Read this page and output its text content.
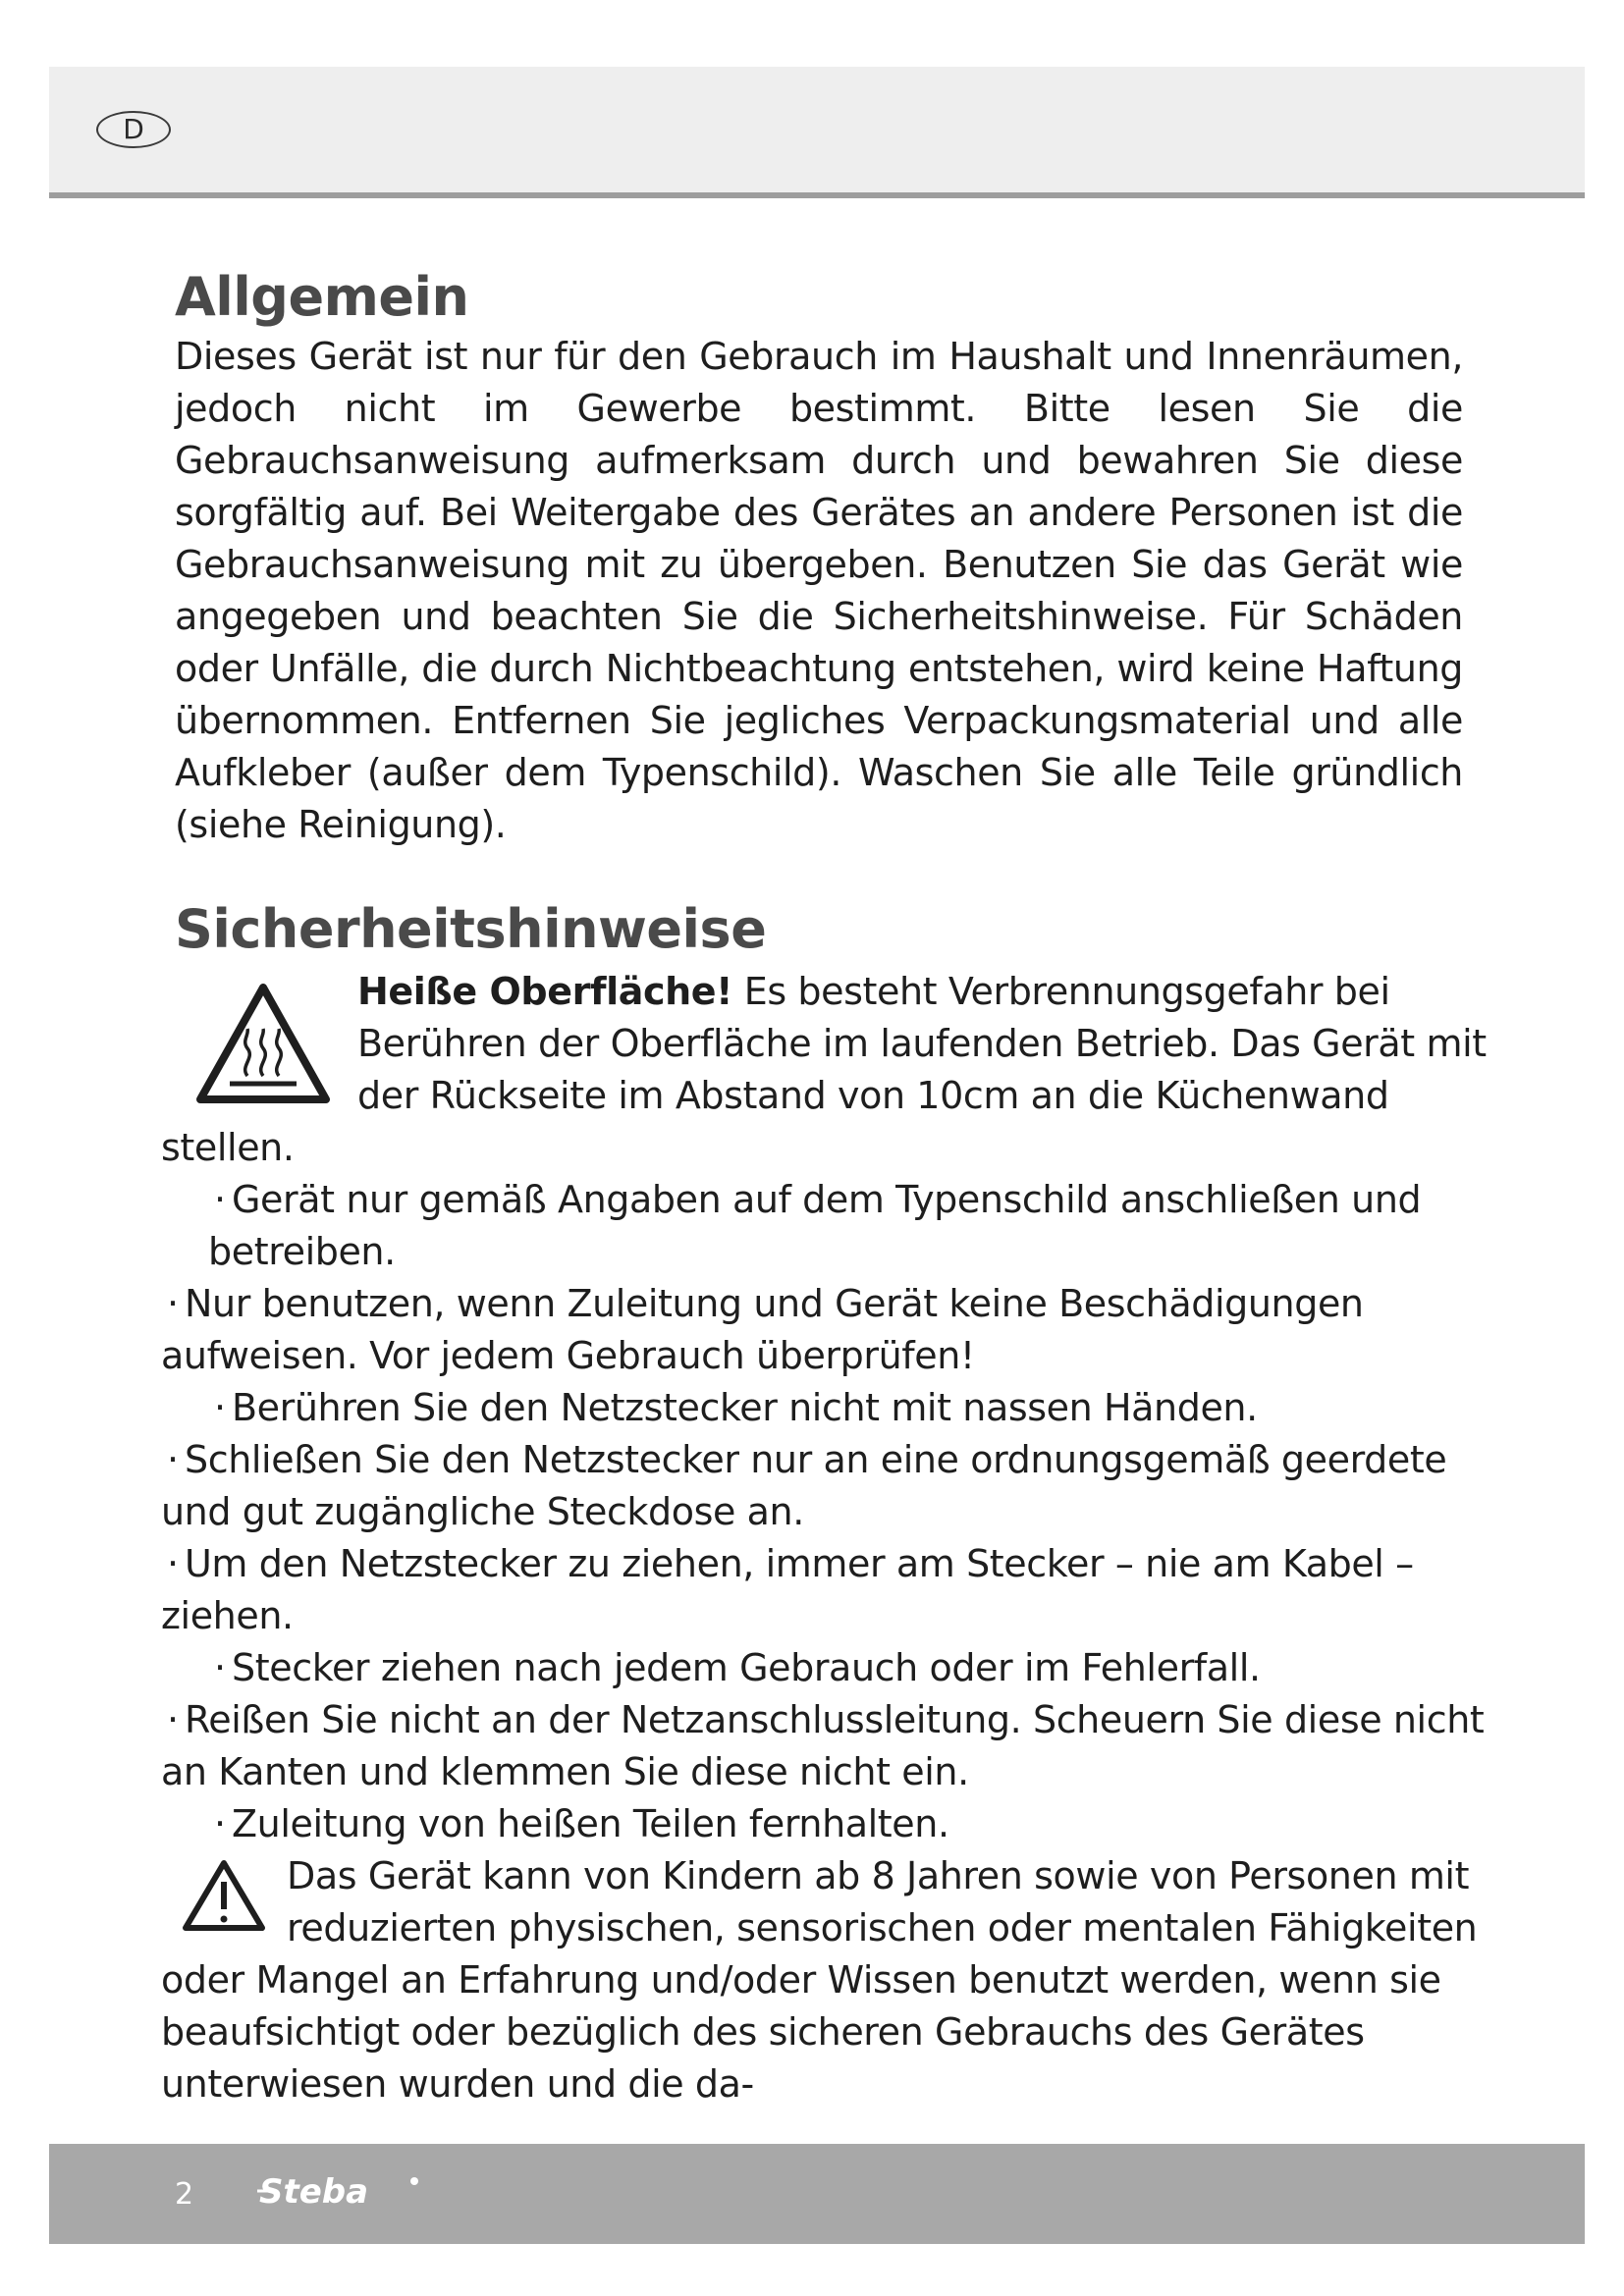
D
Allgemein

Dieses Gerät ist nur für den Gebrauch im Haushalt und Innenräumen, jedoch nicht im Gewerbe bestimmt. Bitte lesen Sie die Gebrauchsanweisung aufmerksam durch und bewahren Sie diese sorgfältig auf. Bei Weitergabe des Gerätes an andere Personen ist die Gebrauchsanweisung mit zu übergeben. Benutzen Sie das Gerät wie angegeben und beachten Sie die Sicherheitshinweise. Für Schäden oder Unfälle, die durch Nichtbeachtung entstehen, wird keine Haftung übernommen. Entfernen Sie jegliches Verpackungsmaterial und alle Aufkleber (außer dem Typenschild). Waschen Sie alle Teile gründlich (siehe Reinigung).

Sicherheitshinweise
Heiße Oberfläche! Es besteht Verbrennungsgefahr bei Berühren der Oberfläche im laufenden Betrieb. Das Gerät mit der Rückseite im Abstand von 10cm an die Küchenwand stellen.
· Gerät nur gemäß Angaben auf dem Typenschild anschließen und betreiben.
· Nur benutzen, wenn Zuleitung und Gerät keine Beschädigungen aufweisen. Vor jedem Gebrauch überprüfen!
· Berühren Sie den Netzstecker nicht mit nassen Händen.
· Schließen Sie den Netzstecker nur an eine ordnungsgemäß geerdete und gut zugängliche Steckdose an.
· Um den Netzstecker zu ziehen, immer am Stecker – nie am Kabel – ziehen.
· Stecker ziehen nach jedem Gebrauch oder im Fehlerfall.
· Reißen Sie nicht an der Netzanschlussleitung. Scheuern Sie diese nicht an Kanten und klemmen Sie diese nicht ein.
· Zuleitung von heißen Teilen fernhalten.
Das Gerät kann von Kindern ab 8 Jahren sowie von Personen mit reduzierten physischen, sensorischen oder mentalen Fähigkeiten oder Mangel an Erfahrung und/oder Wissen benutzt werden, wenn sie beaufsichtigt oder bezüglich des sicheren Gebrauchs des Gerätes unterwiesen wurden und die da-
2 Steba
